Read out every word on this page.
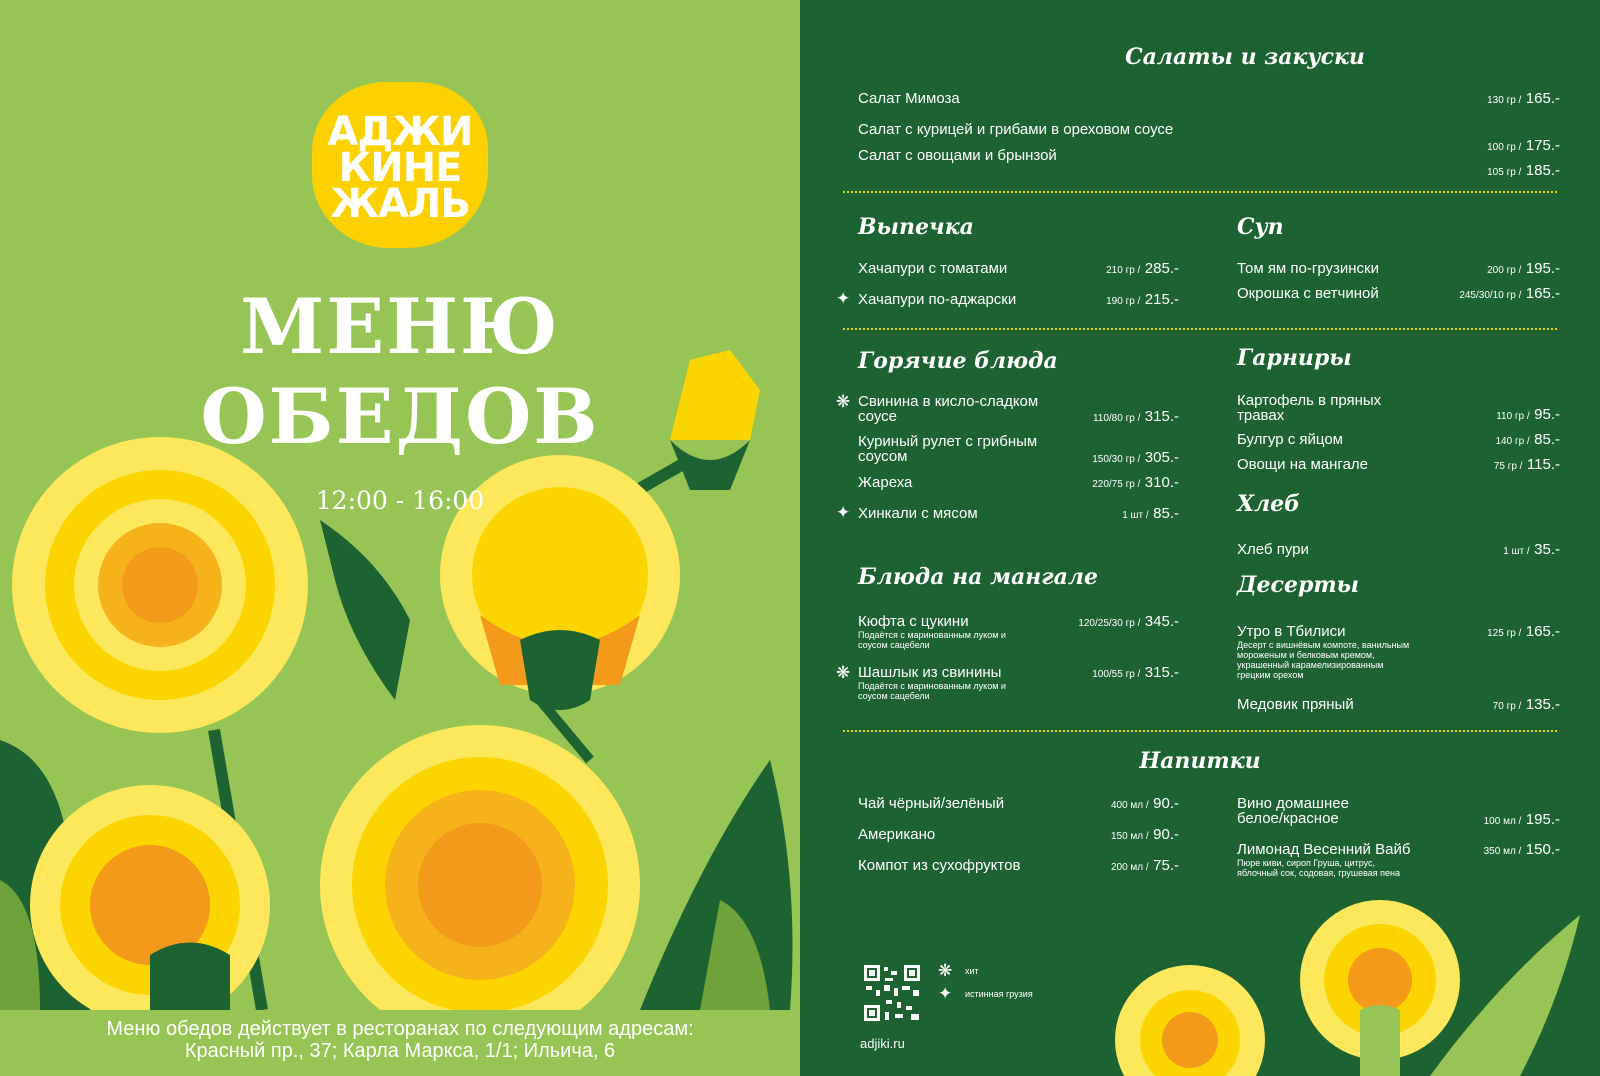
АДЖИ
КИНЕ
ЖАЛЬ
МЕНЮ
ОБЕДОВ
12:00 - 16:00
Меню обедов действует в ресторанах по следующим адресам:
Красный пр., 37; Карла Маркса, 1/1; Ильича, 6
Салаты и закуски
Салат Мимоза	130 гр / 165.-
Салат с курицей и грибами в ореховом соусе
100 гр / 175.-
Салат с овощами и брынзой
105 гр / 185.-
Выпечка
Хачапури с томатами	210 гр / 285.-
✦ Хачапури по-аджарски	190 гр / 215.-
Суп
Том ям по-грузински	200 гр / 195.-
Окрошка с ветчиной	245/30/10 гр / 165.-
Горячие блюда
❋ Свинина в кисло-сладком
соусе	110/80 гр / 315.-
Куриный рулет с грибным
соусом	150/30 гр / 305.-
Жареха	220/75 гр / 310.-
✦ Хинкали с мясом	1 шт / 85.-
Гарниры
Картофель в пряных
травах	110 гр / 95.-
Булгур с яйцом	140 гр / 85.-
Овощи на мангале	75 гр / 115.-
Хлеб
Хлеб пури	1 шт / 35.-
Блюда на мангале
Кюфта с цукини
Подаётся с маринованным луком и
соусом сацебели
120/25/30 гр / 345.-
❋ Шашлык из свинины
Подаётся с маринованным луком и
соусом сацебели
100/55 гр / 315.-
Десерты
Утро в Тбилиси
Десерт с вишнёвым компоте, ванильным
мороженым и белковым кремом,
украшенный карамелизированным
грецким орехом
125 гр / 165.-
Медовик пряный	70 гр / 135.-
Напитки
Чай чёрный/зелёный	400 мл / 90.-
Американо	150 мл / 90.-
Компот из сухофруктов	200 мл / 75.-
Вино домашнее
белое/красное	100 мл / 195.-
Лимонад Весенний Вайб
Пюре киви, сироп Груша, цитрус,
яблочный сок, содовая, грушевая пена
350 мл / 150.-
❋ хит
✦ истинная грузия
adjiki.ru
